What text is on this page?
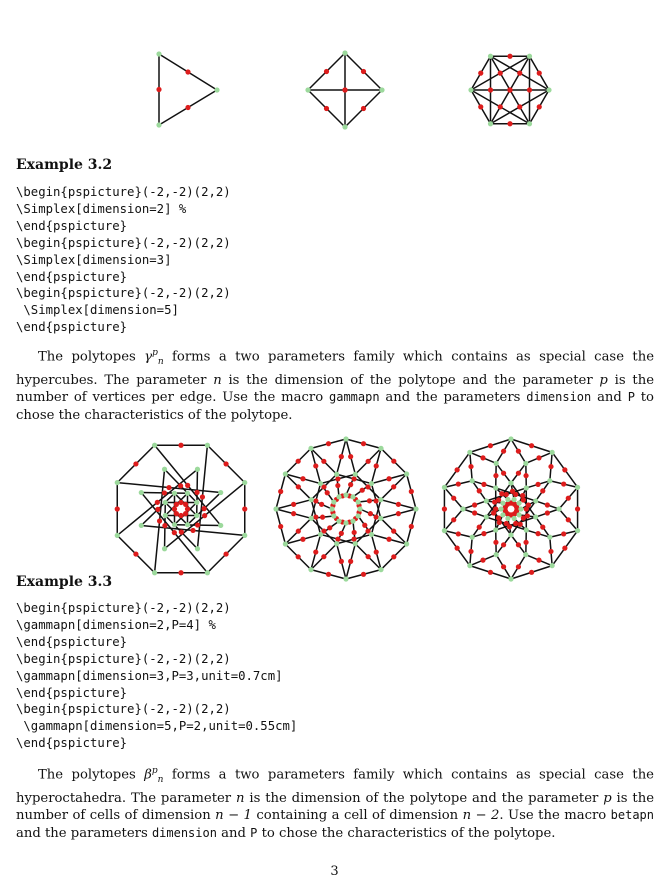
Example 3.2
\begin{pspicture}(-2,-2)(2,2)
\Simplex[dimension=2] %
\end{pspicture}
\begin{pspicture}(-2,-2)(2,2)
\Simplex[dimension=3]
\end{pspicture}
\begin{pspicture}(-2,-2)(2,2)
\Simplex[dimension=5]
\end{pspicture}

The polytopes $\gamma^p_n$ forms a two parameters family which contains as special case the hypercubes. The parameter n is the dimension of the polytope and the parameter p is the number of vertices per edge. Use the macro gammapn and the parameters dimension and P to chose the characteristics of the polytope.

Example 3.3
\begin{pspicture}(-2,-2)(2,2)
\gammapn[dimension=2,P=4] %
\end{pspicture}
\begin{pspicture}(-2,-2)(2,2)
\gammapn[dimension=3,P=3,unit=0.7cm]
\end{pspicture}
\begin{pspicture}(-2,-2)(2,2)
\gammapn[dimension=5,P=2,unit=0.55cm]
\end{pspicture}

The polytopes $\beta^p_n$ forms a two parameters family which contains as special case the hyperoctahedra. The parameter n is the dimension of the polytope and the parameter p is the number of cells of dimension n − 1 containing a cell of dimension n − 2. Use the macro betapn and the parameters dimension and P to chose the characteristics of the polytope.

3
